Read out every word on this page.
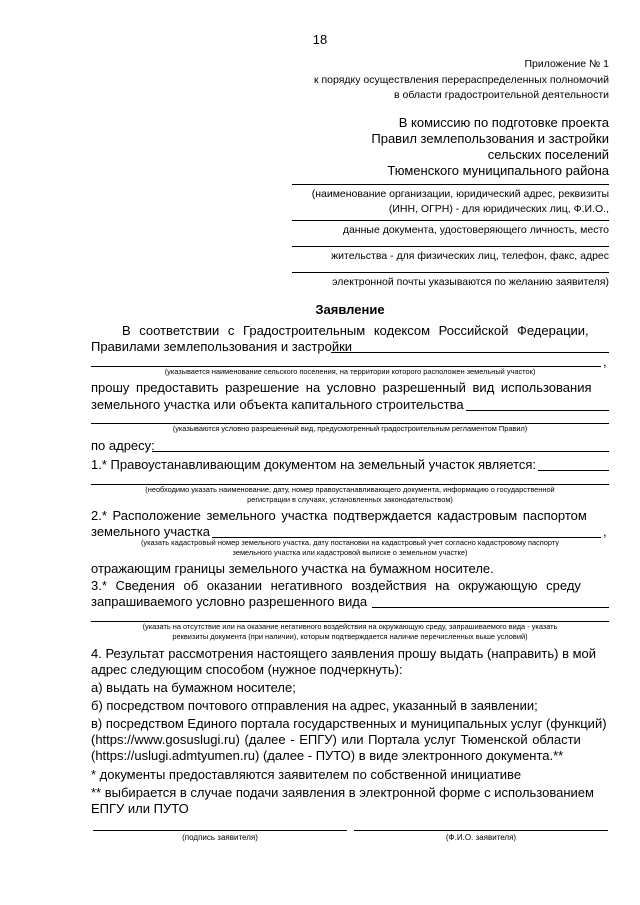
18
Приложение № 1
к порядку осуществления перераспределенных полномочий
в области градостроительной деятельности
В комиссию по подготовке проекта
Правил землепользования и застройки
сельских поселений
Тюменского муниципального района
(наименование организации, юридический адрес, реквизиты
(ИНН, ОГРН) - для юридических лиц, Ф.И.О.,
данные документа, удостоверяющего личность, место
жительства - для физических лиц, телефон, факс, адрес
электронной почты указываются по желанию заявителя)
Заявление
В соответствии с Градостроительным кодексом Российской Федерации,
Правилами землепользования и застройки
,
(указывается наименование сельского поселения, на территории которого расположен земельный участок)
прошу предоставить разрешение на условно разрешенный вид использования
земельного участка или объекта капитального строительства
(указываются условно разрешенный вид, предусмотренный градостроительным регламентом Правил)
по адресу:
1.* Правоустанавливающим документом на земельный участок является:
(необходимо указать наименование, дату, номер правоустанавливающего документа, информацию о государственной
регистрации в случаях, установленных законодательством)
2.* Расположение земельного участка подтверждается кадастровым паспортом
земельного участка	,
(указать кадастровый номер земельного участка, дату постановки на кадастровый учет согласно кадастровому паспорту
земельного участка или кадастровой выписке о земельном участке)
отражающим границы земельного участка на бумажном носителе.
3.* Сведения об оказании негативного воздействия на окружающую среду
запрашиваемого условно разрешенного вида
(указать на отсутствие или на оказание негативного воздействия на окружающую среду, запрашиваемого вида - указать
реквизиты документа (при наличии), которым подтверждается наличие перечисленных выше условий)
4. Результат рассмотрения настоящего заявления прошу выдать (направить) в мой
адрес следующим способом (нужное подчеркнуть):
а) выдать на бумажном носителе;
б) посредством почтового отправления на адрес, указанный в заявлении;
в) посредством Единого портала государственных и муниципальных услуг (функций)
(https://www.gosuslugi.ru) (далее - ЕПГУ) или Портала услуг Тюменской области
(https://uslugi.admtyumen.ru) (далее - ПУТО) в виде электронного документа.**
* документы предоставляются заявителем по собственной инициативе
** выбирается в случае подачи заявления в электронной форме с использованием
ЕПГУ или ПУТО
(подпись заявителя)	(Ф.И.О. заявителя)
